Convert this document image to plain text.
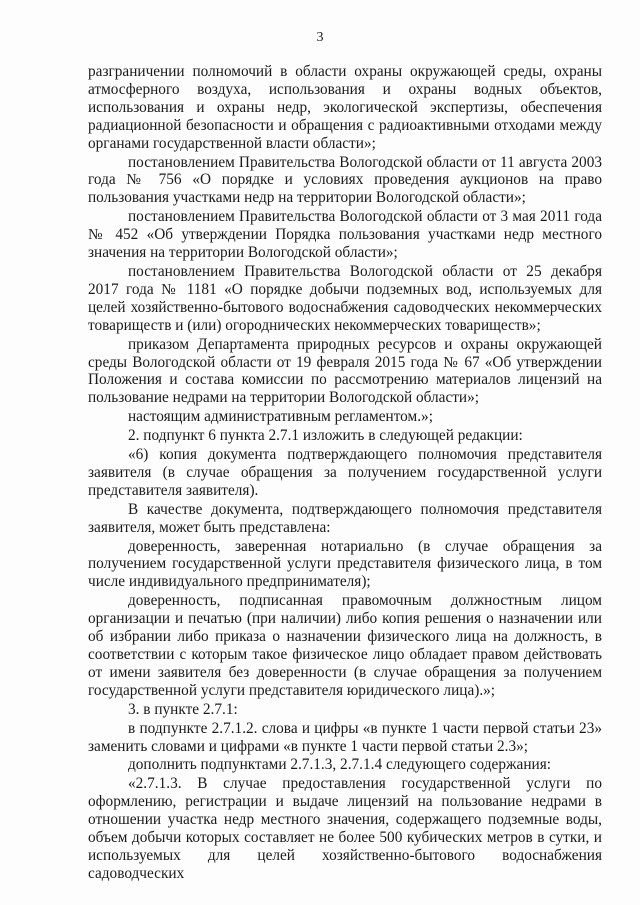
3

разграничении полномочий в области охраны окружающей среды, охраны атмосферного воздуха, использования и охраны водных объектов, использования и охраны недр, экологической экспертизы, обеспечения радиационной безопасности и обращения с радиоактивными отходами между органами государственной власти области»;

постановлением Правительства Вологодской области от 11 августа 2003 года № 756 «О порядке и условиях проведения аукционов на право пользования участками недр на территории Вологодской области»;

постановлением Правительства Вологодской области от 3 мая 2011 года № 452 «Об утверждении Порядка пользования участками недр местного значения на территории Вологодской области»;

постановлением Правительства Вологодской области от 25 декабря 2017 года № 1181 «О порядке добычи подземных вод, используемых для целей хозяйственно-бытового водоснабжения садоводческих некоммерческих товариществ и (или) огороднических некоммерческих товариществ»;

приказом Департамента природных ресурсов и охраны окружающей среды Вологодской области от 19 февраля 2015 года № 67 «Об утверждении Положения и состава комиссии по рассмотрению материалов лицензий на пользование недрами на территории Вологодской области»;

настоящим административным регламентом.»;

2. подпункт 6 пункта 2.7.1 изложить в следующей редакции:

«6) копия документа подтверждающего полномочия представителя заявителя (в случае обращения за получением государственной услуги представителя заявителя).

В качестве документа, подтверждающего полномочия представителя заявителя, может быть представлена:

доверенность, заверенная нотариально (в случае обращения за получением государственной услуги представителя физического лица, в том числе индивидуального предпринимателя);

доверенность, подписанная правомочным должностным лицом организации и печатью (при наличии) либо копия решения о назначении или об избрании либо приказа о назначении физического лица на должность, в соответствии с которым такое физическое лицо обладает правом действовать от имени заявителя без доверенности (в случае обращения за получением государственной услуги представителя юридического лица).»;

3. в пункте 2.7.1:

в подпункте 2.7.1.2. слова и цифры «в пункте 1 части первой статьи 23» заменить словами и цифрами «в пункте 1 части первой статьи 2.3»;

дополнить подпунктами 2.7.1.3, 2.7.1.4 следующего содержания:

«2.7.1.3. В случае предоставления государственной услуги по оформлению, регистрации и выдаче лицензий на пользование недрами в отношении участка недр местного значения, содержащего подземные воды, объем добычи которых составляет не более 500 кубических метров в сутки, и используемых для целей хозяйственно-бытового водоснабжения садоводческих
